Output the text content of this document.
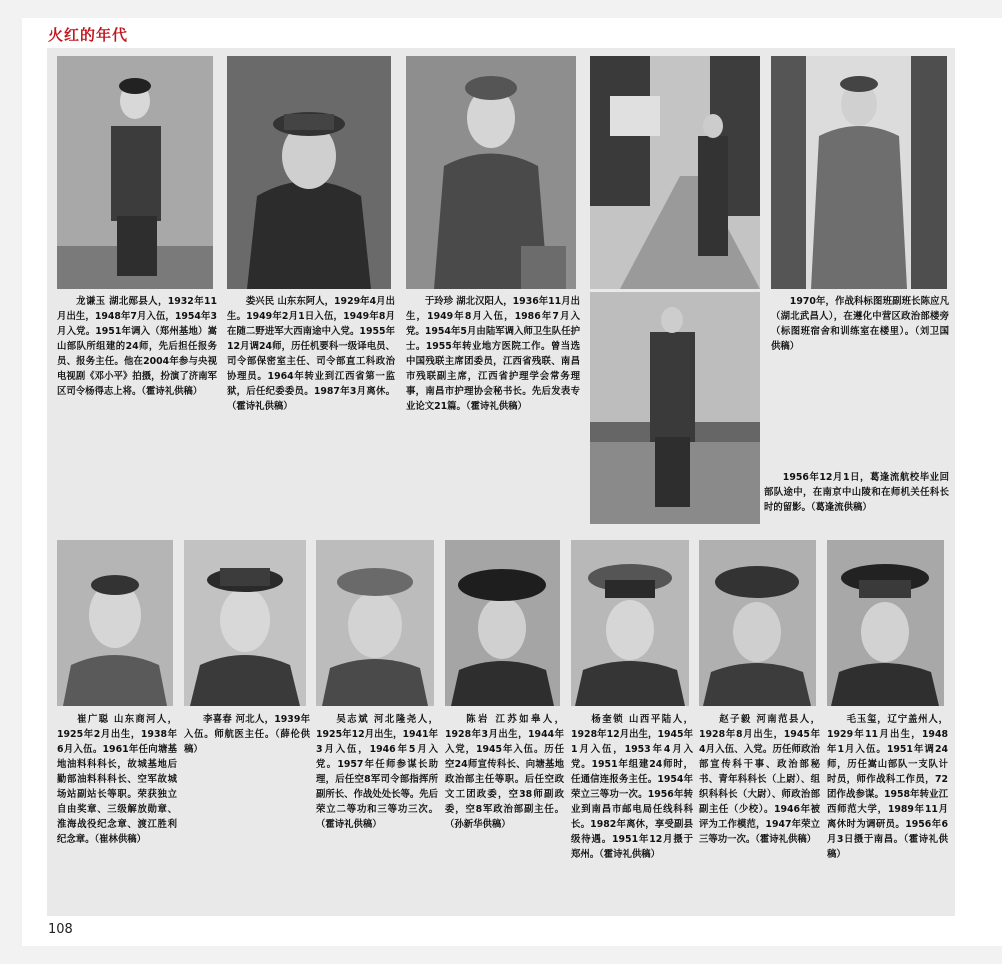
火红的年代
108
龙谦玉 湖北郧县人，1932年11月出生，1948年7月入伍，1954年3月入党。1951年调入（郑州基地）嵩山部队所组建的24师，先后担任报务员、报务主任。他在2004年参与央视电视剧《邓小平》拍摄，扮演了济南军区司令杨得志上将。（霍诗礼供稿）
娄兴民 山东东阿人，1929年4月出生。1949年2月1日入伍，1949年8月在随二野进军大西南途中入党。1955年12月调24师，历任机要科一级译电员、司令部保密室主任、司令部直工科政治协理员。1964年转业到江西省第一监狱，后任纪委委员。1987年3月离休。（霍诗礼供稿）
于玲珍 湖北汉阳人，1936年11月出生，1949年8月入伍，1986年7月入党。1954年5月由陆军调入师卫生队任护士。1955年转业地方医院工作。曾当选中国残联主席团委员，江西省残联、南昌市残联副主席，江西省护理学会常务理事，南昌市护理协会秘书长。先后发表专业论文21篇。（霍诗礼供稿）
1970年，作战科标图班副班长陈应凡（湖北武昌人），在遵化中营区政治部楼旁（标图班宿舍和训练室在楼里）。（刘卫国供稿）
1956年12月1日，葛逢流航校毕业回部队途中，在南京中山陵和在师机关任科长时的留影。（葛逢流供稿）
崔广聪 山东商河人，1925年2月出生，1938年6月入伍。1961年任向塘基地油料科科长，故城基地后勤部油料科科长、空军故城场站副站长等职。荣获独立自由奖章、三级解放勋章、淮海战役纪念章、渡江胜利纪念章。（崔林供稿）
李喜春 河北人，1939年入伍。师航医主任。（薛伦供稿）
吴志斌 河北隆尧人，1925年12月出生，1941年3月入伍，1946年5月入党。1957年任师参谋长助理，后任空8军司令部指挥所副所长、作战处处长等。先后荣立二等功和三等功三次。（霍诗礼供稿）
陈岩 江苏如皋人，1928年3月出生，1944年入党，1945年入伍。历任空24师宣传科长、向塘基地政治部主任等职。后任空政文工团政委，空38师副政委，空8军政治部副主任。（孙新华供稿）
杨奎锁 山西平陆人，1928年12月出生，1945年1月入伍，1953年4月入党。1951年组建24师时，任通信连报务主任。1954年荣立三等功一次。1956年转业到南昌市邮电局任线科科长。1982年离休，享受副县级待遇。1951年12月摄于郑州。（霍诗礼供稿）
赵子毅 河南范县人，1928年8月出生，1945年4月入伍、入党。历任师政治部宣传科干事、政治部秘书、青年科科长（上尉）、组织科科长（大尉）、师政治部副主任（少校）。1946年被评为工作模范，1947年荣立三等功一次。（霍诗礼供稿）
毛玉玺，辽宁盖州人，1929年11月出生，1948年1月入伍。1951年调24师，历任嵩山部队一支队计时员，师作战科工作员，72团作战参谋。1958年转业江西师范大学，1989年11月离休时为调研员。1956年6月3日摄于南昌。（霍诗礼供稿）
